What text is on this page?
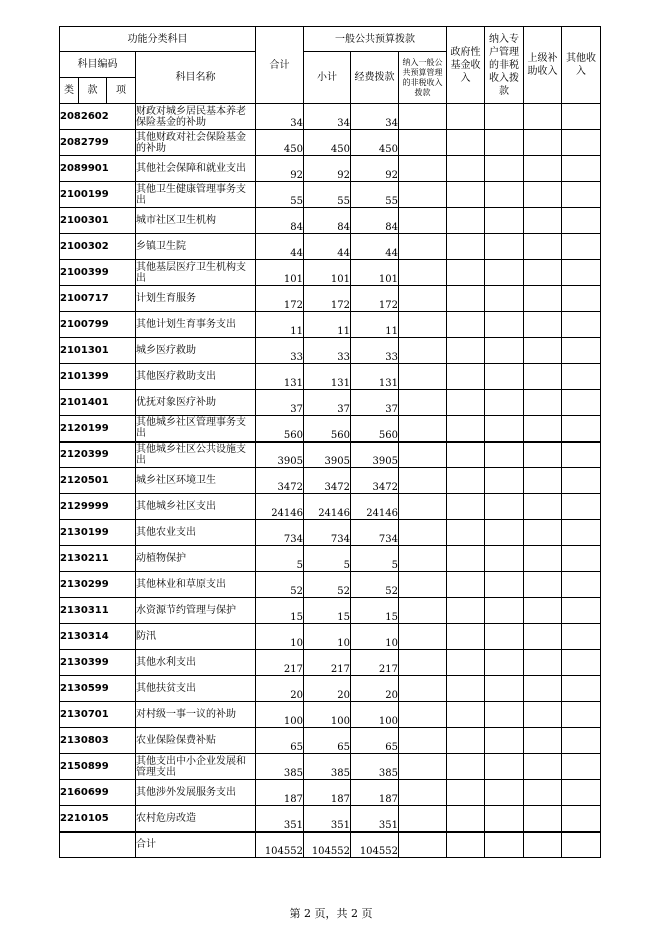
功能分类科目				合计	一般公共预算拨款			政府性基金收入	纳入专户管理的非税收入拨款	上级补助收入	其他收入
科目编码			科目名称		小计	经费拨款	纳入一般公共预算管理的非税收入拨款				
类	款	项									
2082602			财政对城乡居民基本养老保险基金的补助	34	34	34					
2082799			其他财政对社会保险基金的补助	450	450	450					
2089901			其他社会保障和就业支出	92	92	92					
2100199			其他卫生健康管理事务支出	55	55	55					
2100301			城市社区卫生机构	84	84	84					
2100302			乡镇卫生院	44	44	44					
2100399			其他基层医疗卫生机构支出	101	101	101					
2100717			计划生育服务	172	172	172					
2100799			其他计划生育事务支出	11	11	11					
2101301			城乡医疗救助	33	33	33					
2101399			其他医疗救助支出	131	131	131					
2101401			优抚对象医疗补助	37	37	37					
2120199			其他城乡社区管理事务支出	560	560	560					
2120399			其他城乡社区公共设施支出	3905	3905	3905					
2120501			城乡社区环境卫生	3472	3472	3472					
2129999			其他城乡社区支出	24146	24146	24146					
2130199			其他农业支出	734	734	734					
2130211			动植物保护	5	5	5					
2130299			其他林业和草原支出	52	52	52					
2130311			水资源节约管理与保护	15	15	15					
2130314			防汛	10	10	10					
2130399			其他水利支出	217	217	217					
2130599			其他扶贫支出	20	20	20					
2130701			对村级一事一议的补助	100	100	100					
2130803			农业保险保费补贴	65	65	65					
2150899			其他支出中小企业发展和管理支出	385	385	385					
2160699			其他涉外发展服务支出	187	187	187					
2210105			农村危房改造	351	351	351					
			合计	104552	104552	104552					
第 2 页，共 2 页
